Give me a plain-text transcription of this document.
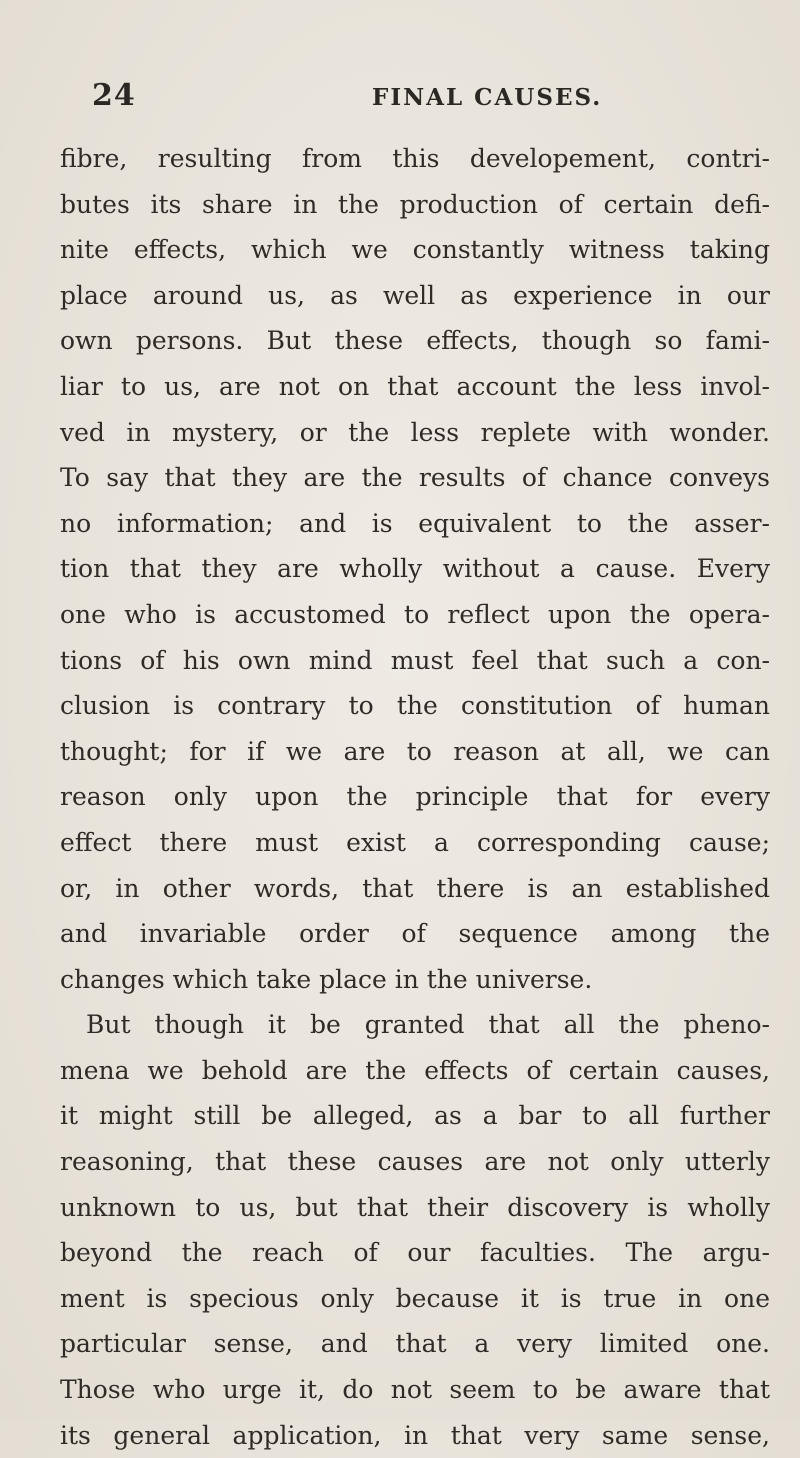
24	FINAL CAUSES.
fibre, resulting from this developement, contri-
butes its share in the production of certain defi-
nite effects, which we constantly witness taking
place around us, as well as experience in our
own persons. But these effects, though so fami-
liar to us, are not on that account the less invol-
ved in mystery, or the less replete with wonder.
To say that they are the results of chance conveys
no information; and is equivalent to the asser-
tion that they are wholly without a cause. Every
one who is accustomed to reflect upon the opera-
tions of his own mind must feel that such a con-
clusion is contrary to the constitution of human
thought; for if we are to reason at all, we can
reason only upon the principle that for every
effect there must exist a corresponding cause;
or, in other words, that there is an established
and invariable order of sequence among the
changes which take place in the universe.
But though it be granted that all the pheno-
mena we behold are the effects of certain causes,
it might still be alleged, as a bar to all further
reasoning, that these causes are not only utterly
unknown to us, but that their discovery is wholly
beyond the reach of our faculties. The argu-
ment is specious only because it is true in one
particular sense, and that a very limited one.
Those who urge it, do not seem to be aware that
its general application, in that very same sense,
